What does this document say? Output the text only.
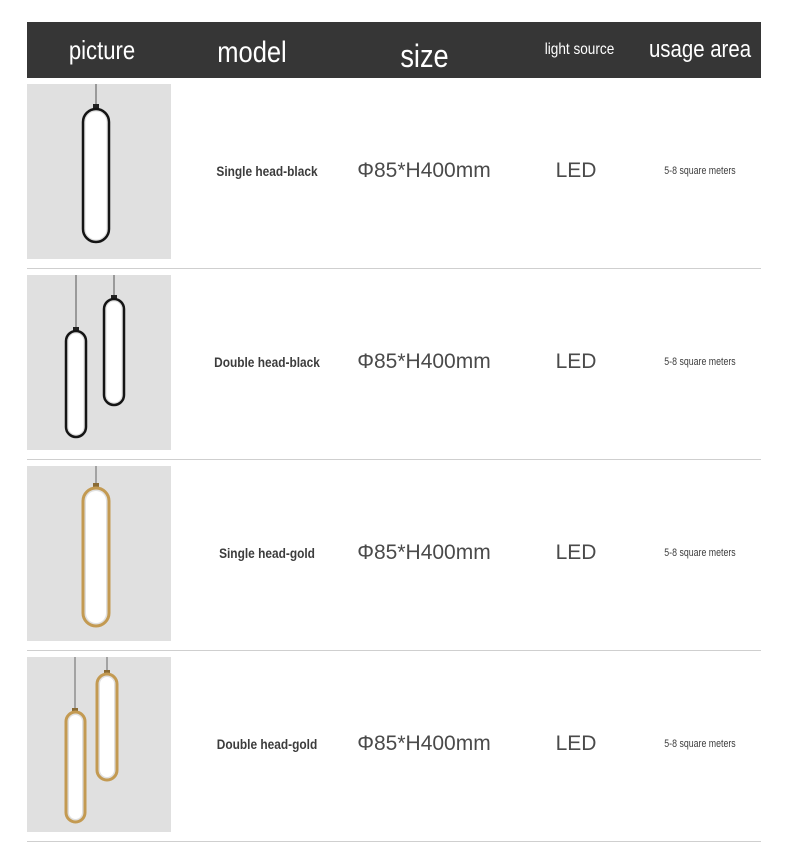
picture	model	size	light source	usage area
Single head-black	Φ85*H400mm	LED	5-8 square meters
Double head-black	Φ85*H400mm	LED	5-8 square meters
Single head-gold	Φ85*H400mm	LED	5-8 square meters
Double head-gold	Φ85*H400mm	LED	5-8 square meters
